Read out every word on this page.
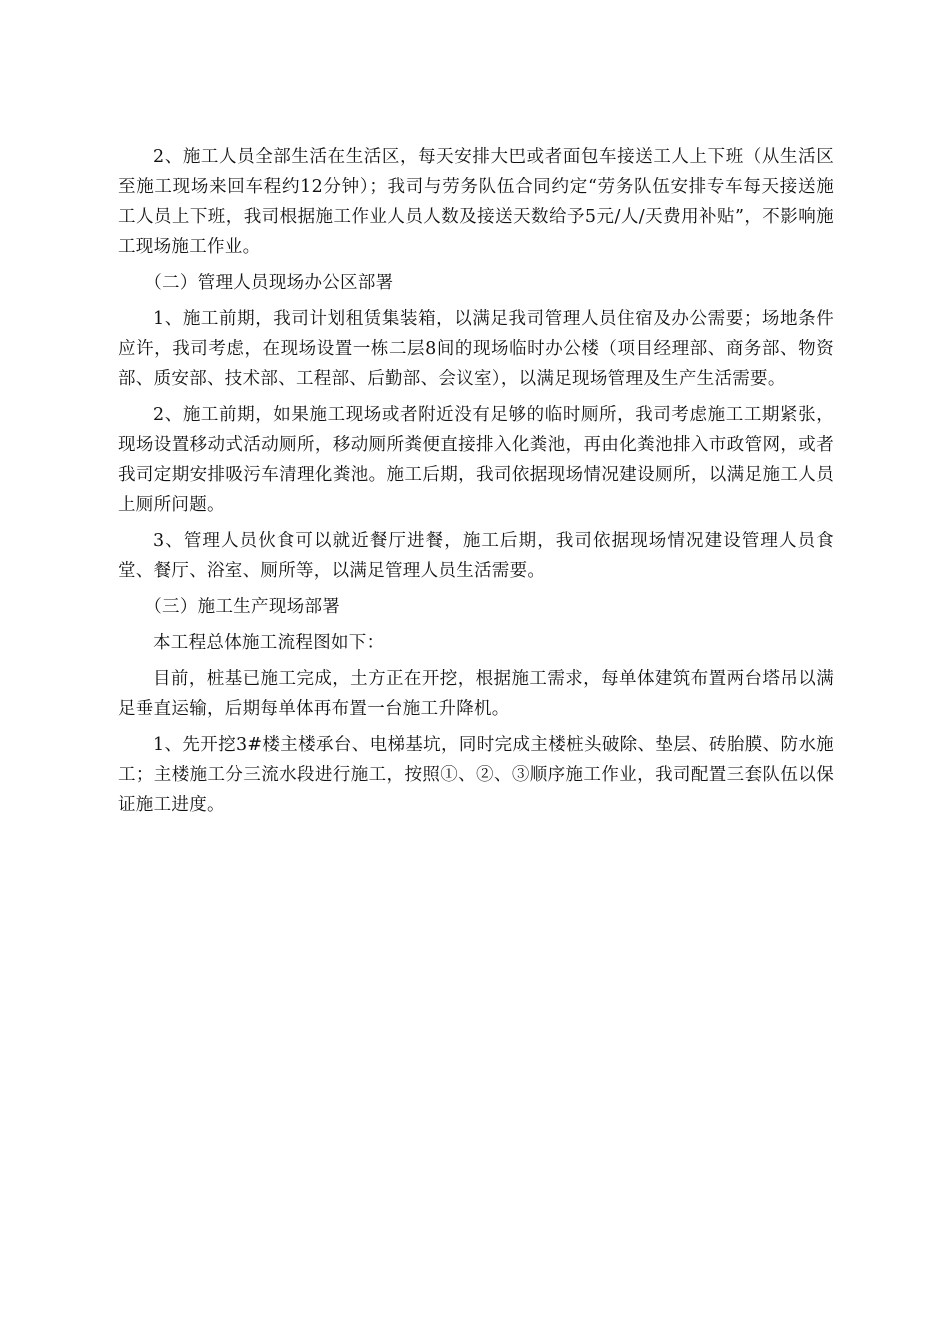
2、施工人员全部生活在生活区，每天安排大巴或者面包车接送工人上下班（从生活区至施工现场来回车程约12分钟）；我司与劳务队伍合同约定“劳务队伍安排专车每天接送施工人员上下班，我司根据施工作业人员人数及接送天数给予5元/人/天费用补贴”，不影响施工现场施工作业。

（二）管理人员现场办公区部署

1、施工前期，我司计划租赁集装箱，以满足我司管理人员住宿及办公需要；场地条件应许，我司考虑，在现场设置一栋二层8间的现场临时办公楼（项目经理部、商务部、物资部、质安部、技术部、工程部、后勤部、会议室），以满足现场管理及生产生活需要。

2、施工前期，如果施工现场或者附近没有足够的临时厕所，我司考虑施工工期紧张，现场设置移动式活动厕所，移动厕所粪便直接排入化粪池，再由化粪池排入市政管网，或者我司定期安排吸污车清理化粪池。施工后期，我司依据现场情况建设厕所，以满足施工人员上厕所问题。

3、管理人员伙食可以就近餐厅进餐，施工后期，我司依据现场情况建设管理人员食堂、餐厅、浴室、厕所等，以满足管理人员生活需要。

（三）施工生产现场部署

本工程总体施工流程图如下：

目前，桩基已施工完成，土方正在开挖，根据施工需求，每单体建筑布置两台塔吊以满足垂直运输，后期每单体再布置一台施工升降机。

1、先开挖3#楼主楼承台、电梯基坑，同时完成主楼桩头破除、垫层、砖胎膜、防水施工；主楼施工分三流水段进行施工，按照①、②、③顺序施工作业，我司配置三套队伍以保证施工进度。
